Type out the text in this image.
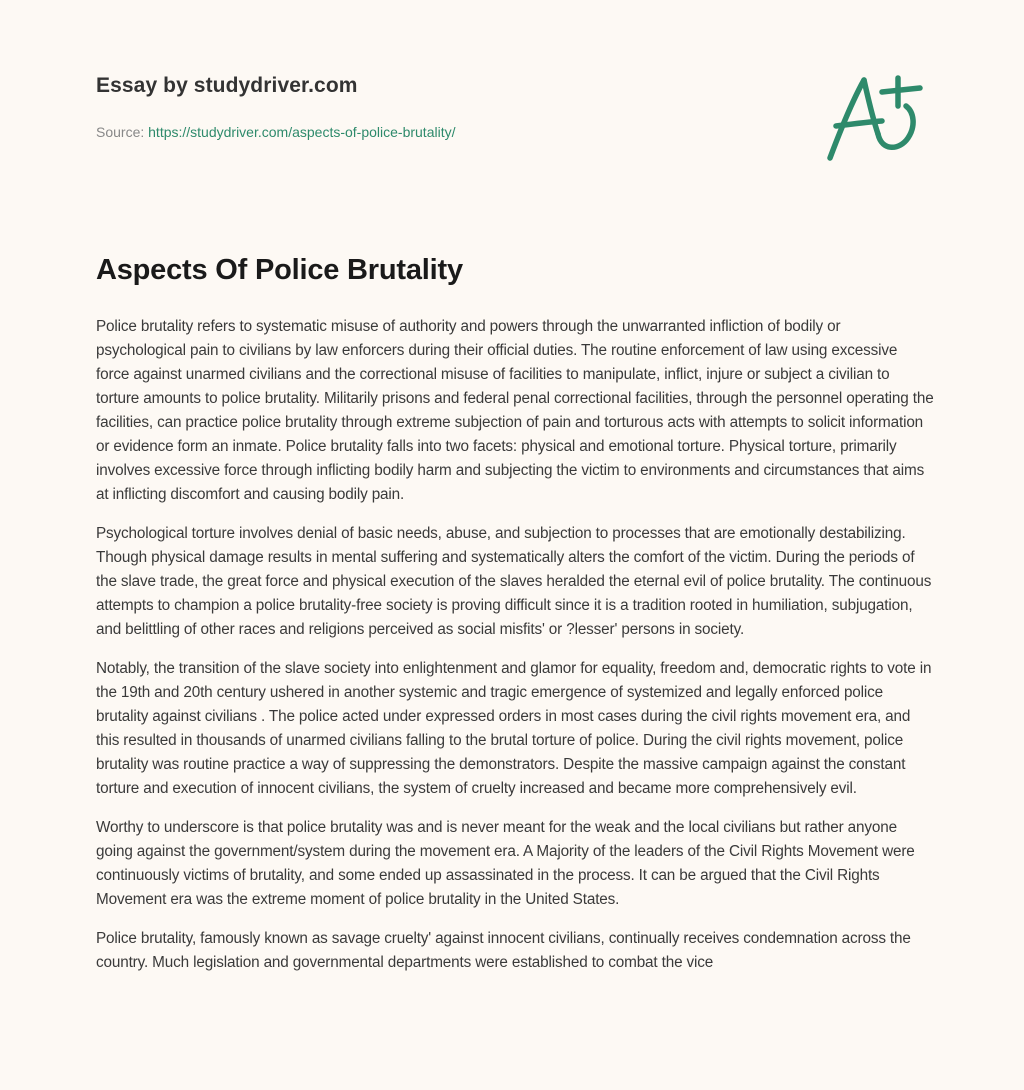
Essay by studydriver.com
Source: https://studydriver.com/aspects-of-police-brutality/
Aspects Of Police Brutality

Police brutality refers to systematic misuse of authority and powers through the unwarranted infliction of bodily or psychological pain to civilians by law enforcers during their official duties. The routine enforcement of law using excessive force against unarmed civilians and the correctional misuse of facilities to manipulate, inflict, injure or subject a civilian to torture amounts to police brutality. Militarily prisons and federal penal correctional facilities, through the personnel operating the facilities, can practice police brutality through extreme subjection of pain and torturous acts with attempts to solicit information or evidence form an inmate. Police brutality falls into two facets: physical and emotional torture. Physical torture, primarily involves excessive force through inflicting bodily harm and subjecting the victim to environments and circumstances that aims at inflicting discomfort and causing bodily pain.

Psychological torture involves denial of basic needs, abuse, and subjection to processes that are emotionally destabilizing. Though physical damage results in mental suffering and systematically alters the comfort of the victim. During the periods of the slave trade, the great force and physical execution of the slaves heralded the eternal evil of police brutality. The continuous attempts to champion a police brutality-free society is proving difficult since it is a tradition rooted in humiliation, subjugation, and belittling of other races and religions perceived as social misfits' or ?lesser' persons in society.

Notably, the transition of the slave society into enlightenment and glamor for equality, freedom and, democratic rights to vote in the 19th and 20th century ushered in another systemic and tragic emergence of systemized and legally enforced police brutality against civilians . The police acted under expressed orders in most cases during the civil rights movement era, and this resulted in thousands of unarmed civilians falling to the brutal torture of police. During the civil rights movement, police brutality was routine practice a way of suppressing the demonstrators. Despite the massive campaign against the constant torture and execution of innocent civilians, the system of cruelty increased and became more comprehensively evil.

Worthy to underscore is that police brutality was and is never meant for the weak and the local civilians but rather anyone going against the government/system during the movement era. A Majority of the leaders of the Civil Rights Movement were continuously victims of brutality, and some ended up assassinated in the process. It can be argued that the Civil Rights Movement era was the extreme moment of police brutality in the United States.

Police brutality, famously known as savage cruelty' against innocent civilians, continually receives condemnation across the country. Much legislation and governmental departments were established to combat the vice
